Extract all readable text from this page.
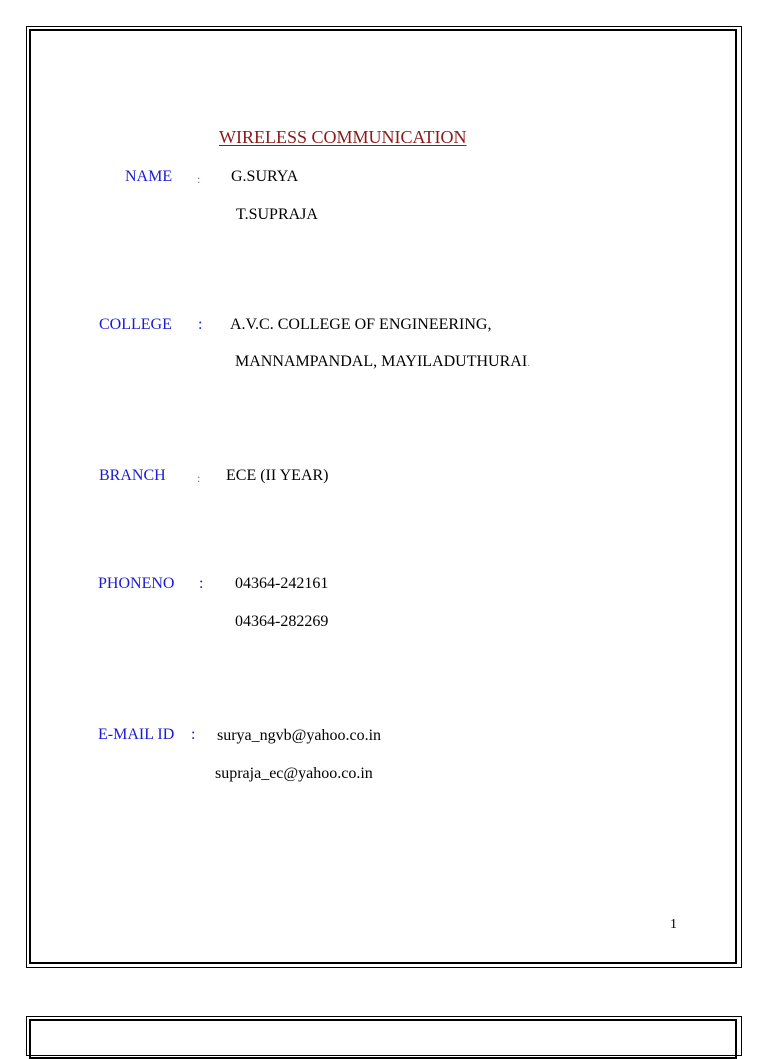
WIRELESS COMMUNICATION
NAME : G.SURYA
T.SUPRAJA
COLLEGE : A.V.C. COLLEGE OF ENGINEERING,
MANNAMPANDAL, MAYILADUTHURAI.
BRANCH	: ECE (II YEAR)
PHONENO : 04364-242161
04364-282269
E-MAIL ID : surya_ngvb@yahoo.co.in
supraja_ec@yahoo.co.in
1
